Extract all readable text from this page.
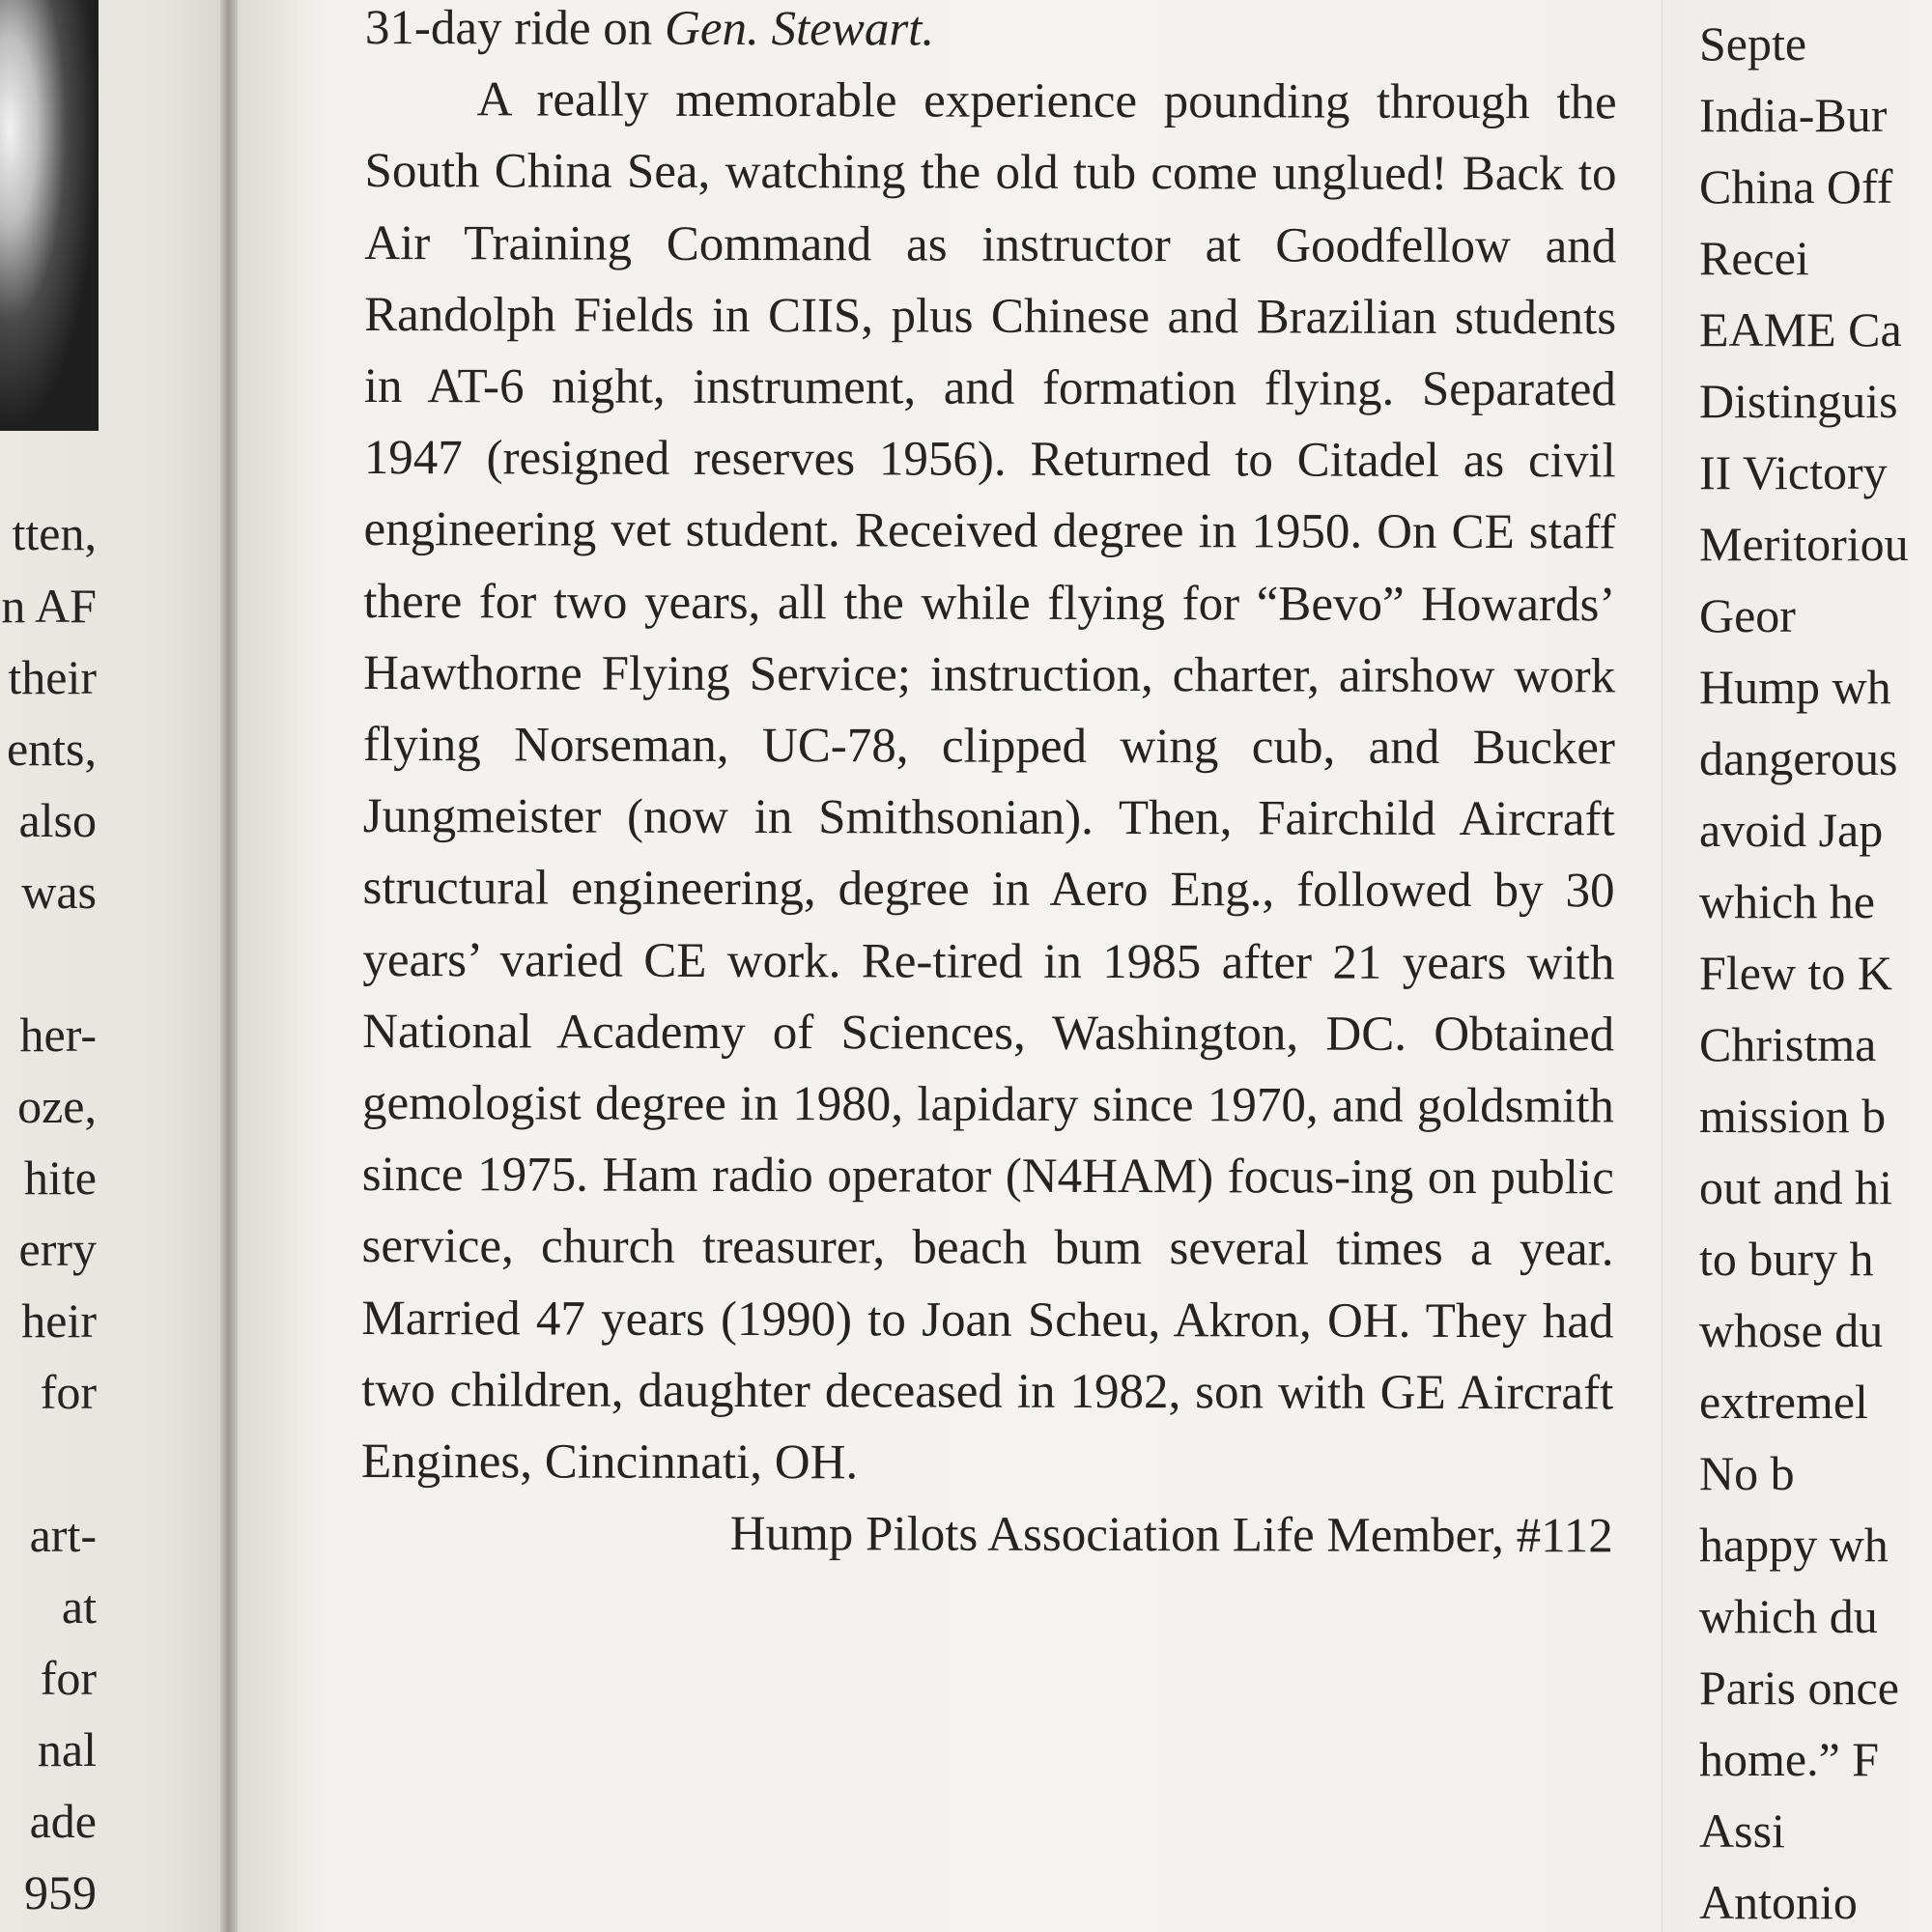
tten,
n AF
their
ents,
also
was
her-
oze,
hite
erry
heir
for
art-
at
for
nal
ade
959

31-day ride on Gen. Stewart.

A really memorable experience pounding through the South China Sea, watching the old tub come unglued! Back to Air Training Command as instructor at Goodfellow and Randolph Fields in CIIS, plus Chinese and Brazilian students in AT-6 night, instrument, and formation flying. Separated 1947 (resigned reserves 1956). Returned to Citadel as civil engineering vet student. Received degree in 1950. On CE staff there for two years, all the while flying for “Bevo” Howards’ Hawthorne Flying Service; instruction, charter, airshow work flying Norseman, UC-78, clipped wing cub, and Bucker Jungmeister (now in Smithsonian). Then, Fairchild Aircraft structural engineering, degree in Aero Eng., followed by 30 years’ varied CE work. Re-tired in 1985 after 21 years with National Academy of Sciences, Washington, DC. Obtained gemologist degree in 1980, lapidary since 1970, and goldsmith since 1975. Ham radio operator (N4HAM) focus-ing on public service, church treasurer, beach bum several times a year. Married 47 years (1990) to Joan Scheu, Akron, OH. They had two children, daughter deceased in 1982, son with GE Aircraft Engines, Cincinnati, OH.

Hump Pilots Association Life Member, #112

Septe
India-Bur
China Off
Recei
EAME Ca
Distinguis
II Victory
Meritoriou
Geor
Hump wh
dangerous
avoid Jap
which he
Flew to K
Christma
mission b
out and hi
to bury h
whose du
extremel
No b
happy wh
which du
Paris once
home.” F
Assi
Antonio
